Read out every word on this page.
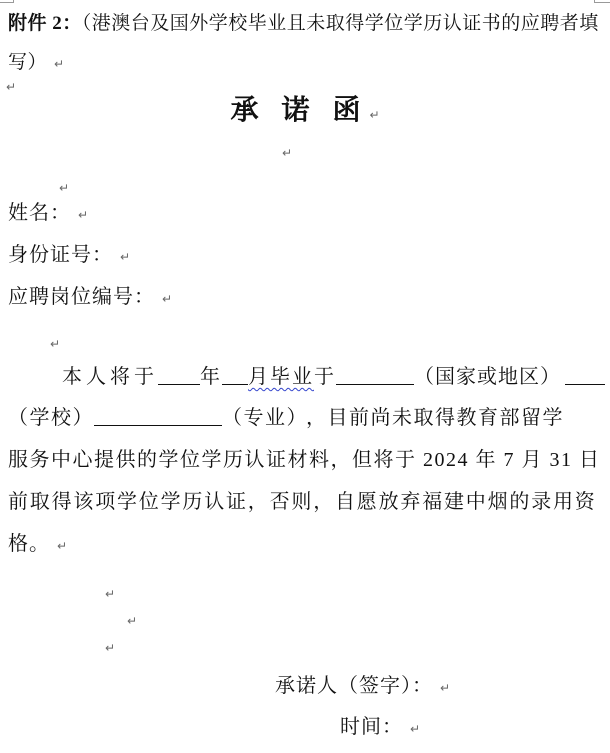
附件 2：（港澳台及国外学校毕业且未取得学位学历认证书的应聘者填
写） ↵
↵
承 诺 函 ↵
↵
↵
姓名： ↵
身份证号： ↵
应聘岗位编号： ↵
↵
本人将于 年 月毕业于	（国家或地区）
（学校）	（专业） ，目前尚未取得教育部留学
服务中心提供的学位学历认证材料，但将于 2024 年 7 月 31 日
前取得该项学位学历认证，否则，自愿放弃福建中烟的录用资
格。 ↵
↵
↵
↵
承诺人（签字）： ↵
时间： ↵
